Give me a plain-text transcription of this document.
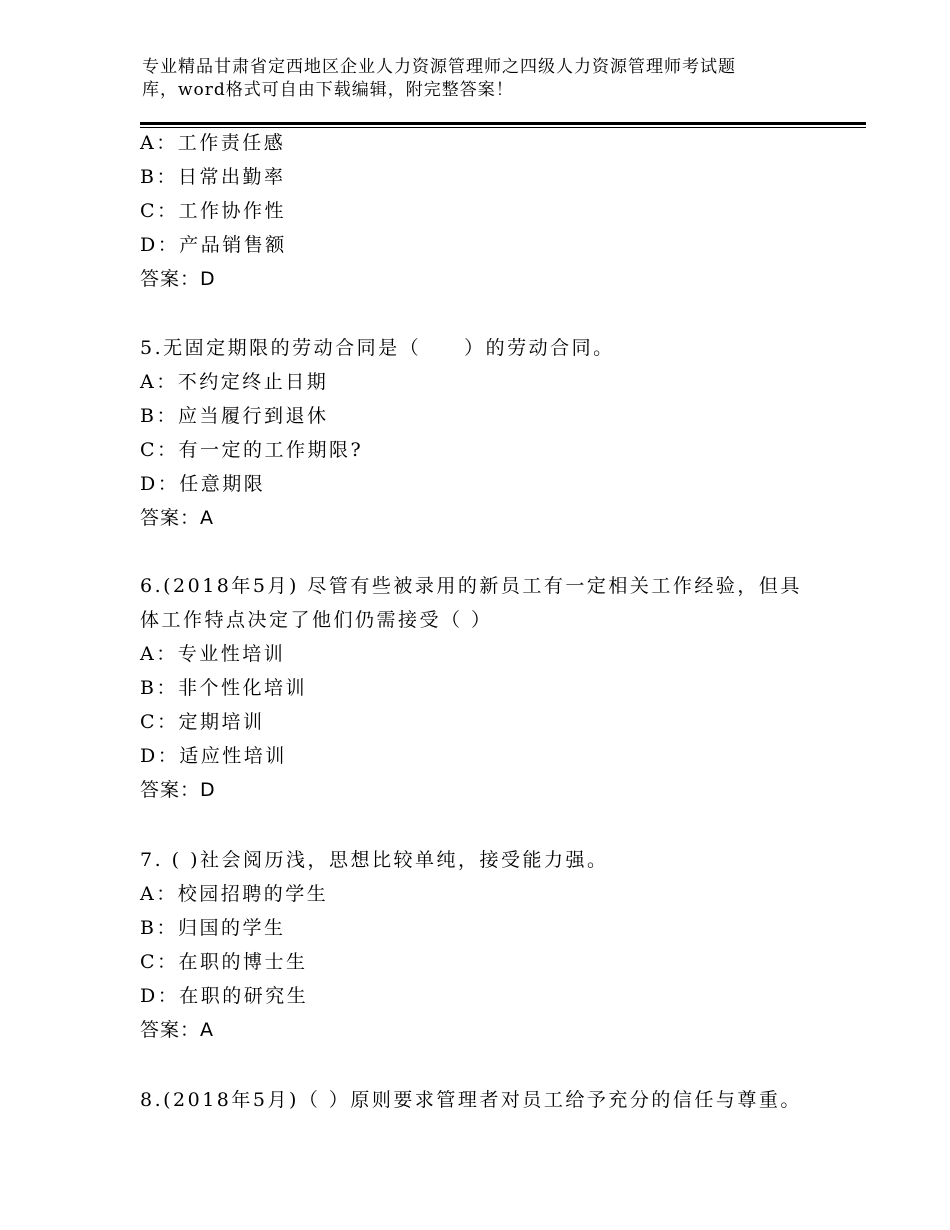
专业精品甘肃省定西地区企业人力资源管理师之四级人力资源管理师考试题
库，word格式可自由下载编辑，附完整答案！
A：工作责任感
B：日常出勤率
C：工作协作性
D：产品销售额
答案：D
5.无固定期限的劳动合同是（　　）的劳动合同。
A：不约定终止日期
B：应当履行到退休
C：有一定的工作期限?
D：任意期限
答案：A
6.(2018年5月) 尽管有些被录用的新员工有一定相关工作经验，但具
体工作特点决定了他们仍需接受（ ）
A：专业性培训
B：非个性化培训
C：定期培训
D：适应性培训
答案：D
7. ( )社会阅历浅，思想比较单纯，接受能力强。
A：校园招聘的学生
B：归国的学生
C：在职的博士生
D：在职的研究生
答案：A
8.(2018年5月)（ ）原则要求管理者对员工给予充分的信任与尊重。
